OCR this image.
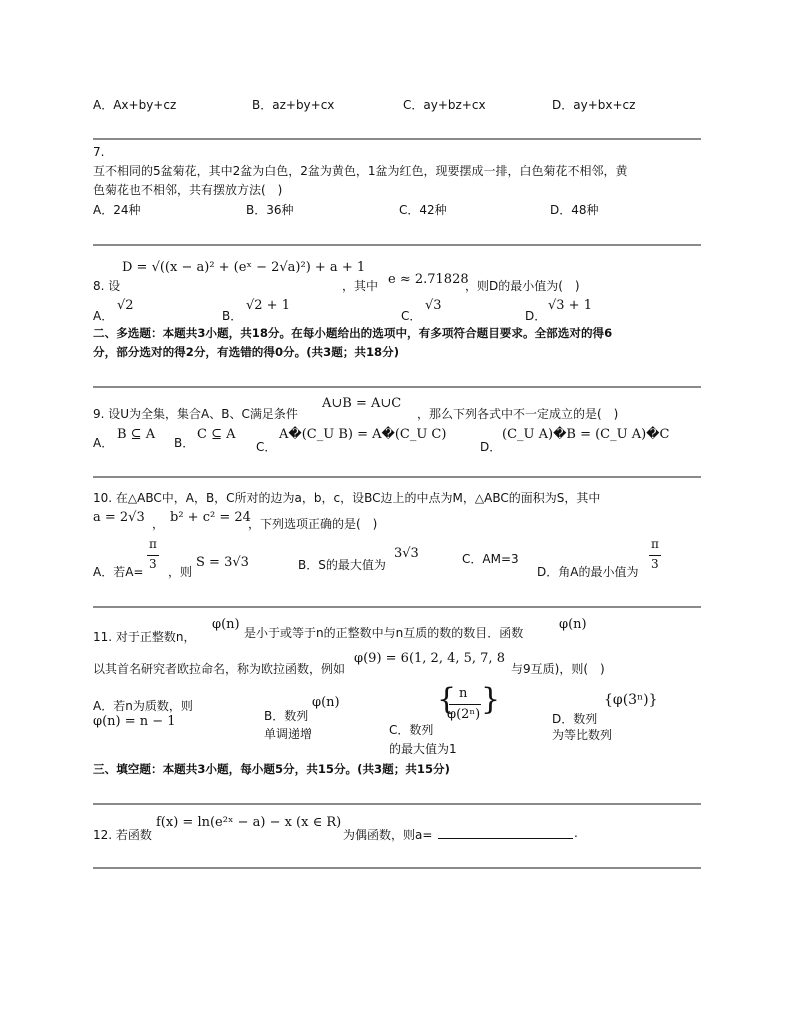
A．Ax+by+cz	B．az+by+cx	C．ay+bz+cx	D．ay+bx+cz
7.
互不相同的5盆菊花，其中2盆为白色，2盆为黄色，1盆为红色，现要摆成一排，白色菊花不相邻，黄
色菊花也不相邻，共有摆放方法(　)
A．24种	B．36种	C．42种	D．48种
8. 设
D = √((x − a)² + (eˣ − 2√a)²) + a + 1
，其中 e ≈ 2.71828
，则D的最小值为(　)
A．
√2
B．
√2 + 1
C．
√3
D．
√3 + 1
二、多选题：本题共3小题，共18分。在每小题给出的选项中，有多项符合题目要求。全部选对的得6
分，部分选对的得2分，有选错的得0分。(共3题；共18分)
9. 设U为全集，集合A、B、C满足条件
A∪B = A∪C
，那么下列各式中不一定成立的是(　)
A．
B ⊆ A
B．
C ⊆ A
C．
A�(C_U B) = A�(C_U C)
D．
(C_U A)�B = (C_U A)�C
10. 在△ABC中，A，B，C所对的边为a，b，c，设BC边上的中点为M，△ABC的面积为S，其中
a = 2√3 ， b² + c² = 24
，下列选项正确的是(　)
A．若A=
π
3
，则
S = 3√3	B．S的最大值为
3√3	C．AM=3
D．角A的最小值为
π
3
11. 对于正整数n，
φ(n)
是小于或等于n的正整数中与n互质的数的数目．函数
φ(n)
以其首名研究者欧拉命名，称为欧拉函数，例如
φ(9) = 6(1, 2, 4, 5, 7, 8
与9互质)，则(　)
A．若n为质数，则
φ(n) = n − 1	B．数列
φ(n)
单调递增	C．数列
{ n
φ(2ⁿ) }
的最大值为1
D．数列
{φ(3ⁿ)}
为等比数列
三、填空题：本题共3小题，每小题5分，共15分。(共3题；共15分)
12. 若函数
f(x) = ln(e²ˣ − a) − x (x ∈ R)
为偶函数，则a=	.
